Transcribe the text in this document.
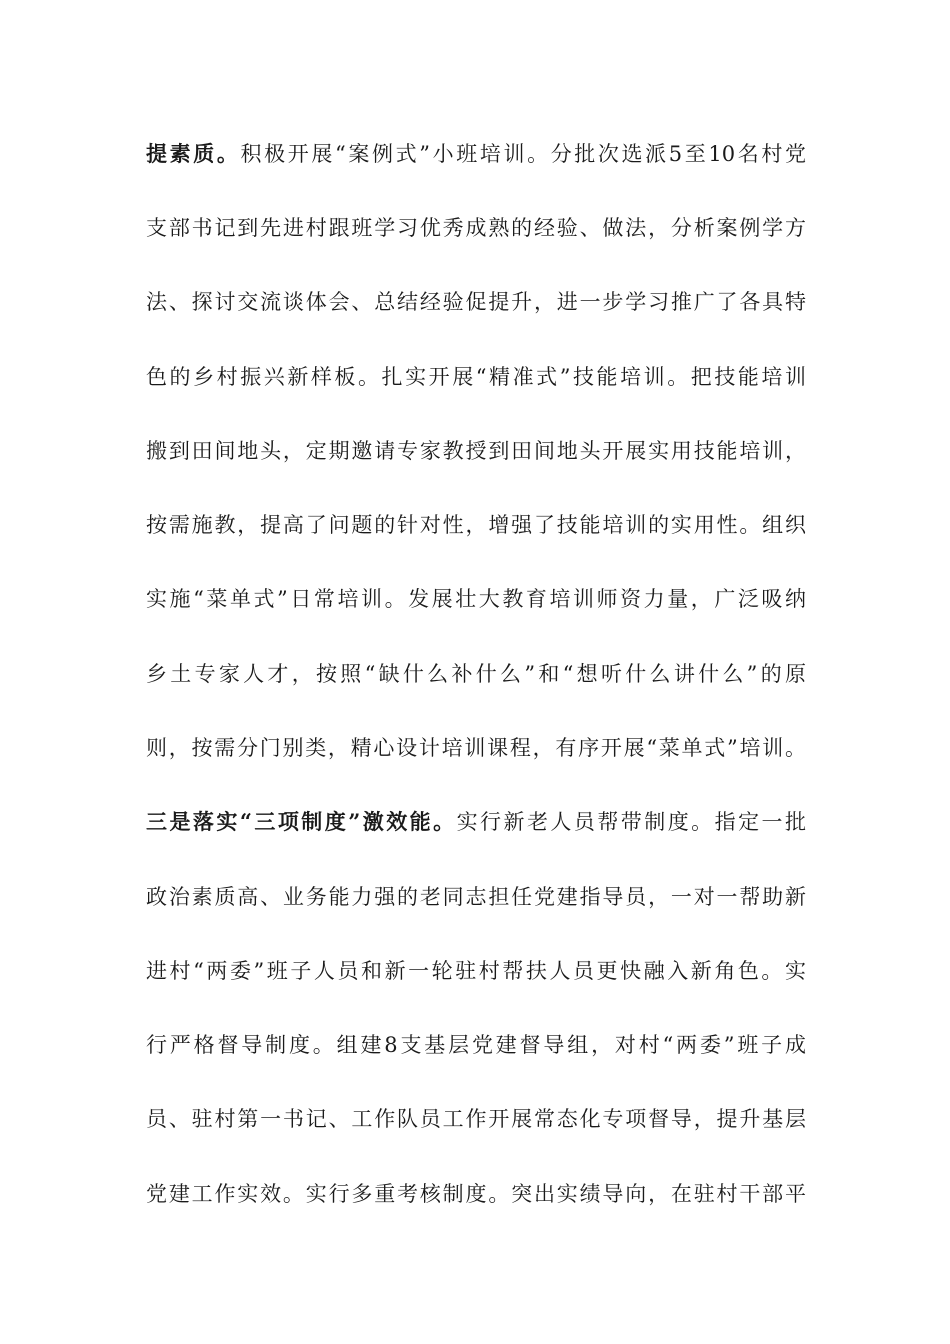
提素质。积极开展“案例式”小班培训。分批次选派5至10名村党
支部书记到先进村跟班学习优秀成熟的经验、做法，分析案例学方
法、探讨交流谈体会、总结经验促提升，进一步学习推广了各具特
色的乡村振兴新样板。扎实开展“精准式”技能培训。把技能培训
搬到田间地头，定期邀请专家教授到田间地头开展实用技能培训，
按需施教，提高了问题的针对性，增强了技能培训的实用性。组织
实施“菜单式”日常培训。发展壮大教育培训师资力量，广泛吸纳
乡土专家人才，按照“缺什么补什么”和“想听什么讲什么”的原
则，按需分门别类，精心设计培训课程，有序开展“菜单式”培训。
三是落实“三项制度”激效能。实行新老人员帮带制度。指定一批
政治素质高、业务能力强的老同志担任党建指导员，一对一帮助新
进村“两委”班子人员和新一轮驻村帮扶人员更快融入新角色。实
行严格督导制度。组建8支基层党建督导组，对村“两委”班子成
员、驻村第一书记、工作队员工作开展常态化专项督导，提升基层
党建工作实效。实行多重考核制度。突出实绩导向，在驻村干部平
